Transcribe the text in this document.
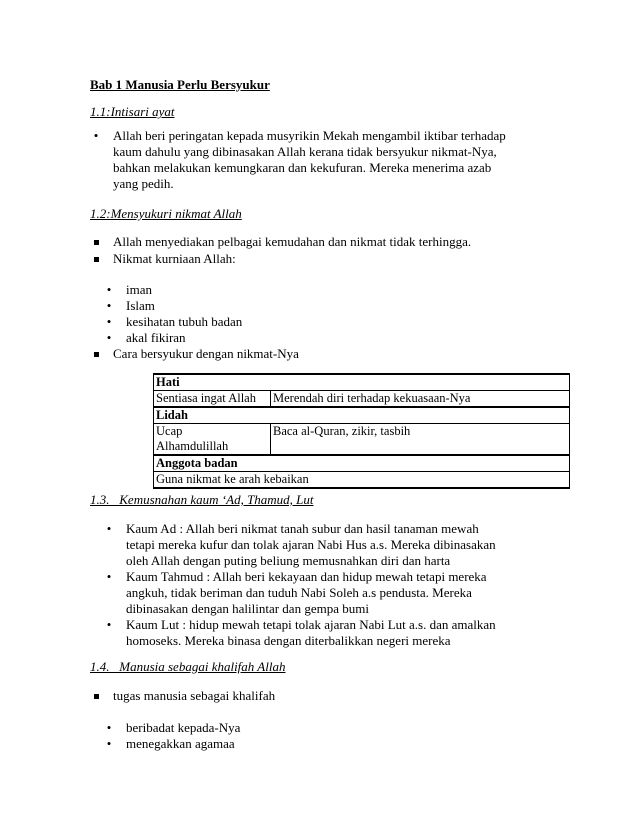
Bab 1 Manusia Perlu Bersyukur
1.1:Intisari ayat
• Allah beri peringatan kepada musyrikin Mekah mengambil iktibar terhadap
kaum dahulu yang dibinasakan Allah kerana tidak bersyukur nikmat-Nya,
bahkan melakukan kemungkaran dan kekufuran. Mereka menerima azab
yang pedih.
1.2:Mensyukuri nikmat Allah
Allah menyediakan pelbagai kemudahan dan nikmat tidak terhingga.
Nikmat kurniaan Allah:
• iman
• Islam
• kesihatan tubuh badan
• akal fikiran
Cara bersyukur dengan nikmat-Nya
Hati	
Sentiasa ingat Allah	Merendah diri terhadap kekuasaan-Nya
Lidah	
Ucap
Alhamdulillah	Baca al-Quran, zikir, tasbih
Anggota badan	
Guna nikmat ke arah kebaikan	
1.3.   Kemusnahan kaum ‘Ad, Thamud, Lut
• Kaum Ad : Allah beri nikmat tanah subur dan hasil tanaman mewah
tetapi mereka kufur dan tolak ajaran Nabi Hus a.s. Mereka dibinasakan
oleh Allah dengan puting beliung memusnahkan diri dan harta
• Kaum Tahmud : Allah beri kekayaan dan hidup mewah tetapi mereka
angkuh, tidak beriman dan tuduh Nabi Soleh a.s pendusta. Mereka
dibinasakan dengan halilintar dan gempa bumi
• Kaum Lut : hidup mewah tetapi tolak ajaran Nabi Lut a.s. dan amalkan
homoseks. Mereka binasa dengan diterbalikkan negeri mereka
1.4.   Manusia sebagai khalifah Allah
tugas manusia sebagai khalifah
• beribadat kepada-Nya
• menegakkan agamaa
